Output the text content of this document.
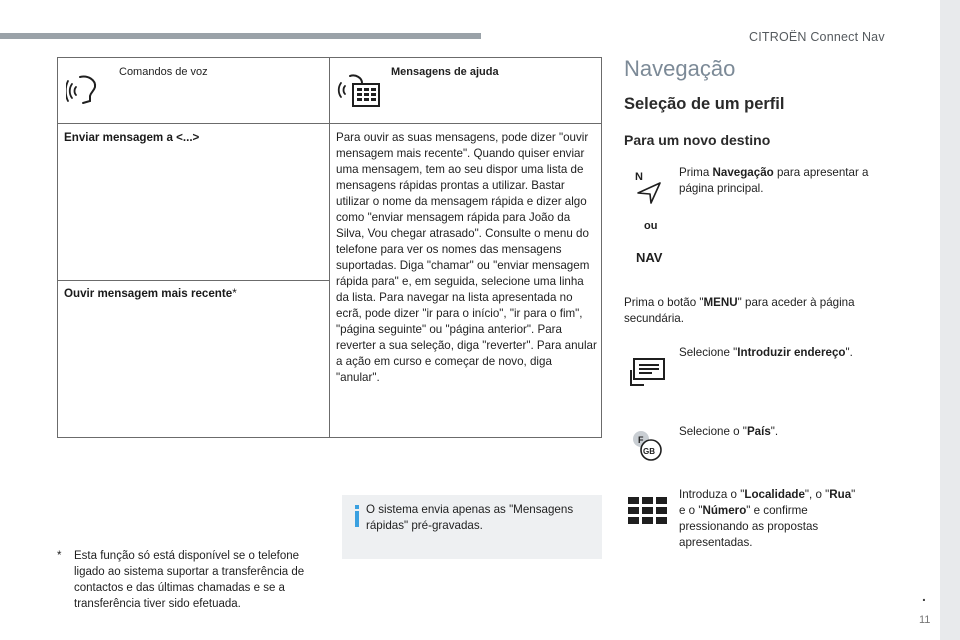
CITROËN Connect Nav
Comandos de voz	Mensagens de ajuda
Enviar mensagem a <...>
Ouvir mensagem mais recente*
Para ouvir as suas mensagens, pode dizer "ouvir mensagem mais recente". Quando quiser enviar uma mensagem, tem ao seu dispor uma lista de mensagens rápidas prontas a utilizar. Bastar utilizar o nome da mensagem rápida e dizer algo como "enviar mensagem rápida para João da Silva, Vou chegar atrasado". Consulte o menu do telefone para ver os nomes das mensagens suportadas. Diga "chamar" ou "enviar mensagem rápida para" e, em seguida, selecione uma linha da lista. Para navegar na lista apresentada no ecrã, pode dizer "ir para o início", "ir para o fim", "página seguinte" ou "página anterior". Para reverter a sua seleção, diga "reverter". Para anular a ação em curso e começar de novo, diga "anular".
* Esta função só está disponível se o telefone ligado ao sistema suportar a transferência de contactos e das últimas chamadas e se a transferência tiver sido efetuada.
O sistema envia apenas as "Mensagens rápidas" pré-gravadas.
Navegação
Seleção de um perfil
Para um novo destino
N
ou
NAV
Prima Navegação para apresentar a página principal.
Prima o botão "MENU" para aceder à página secundária.
Selecione "Introduzir endereço".
F
GB
Selecione o "País".
Introduza o "Localidade", o "Rua" e o "Número" e confirme pressionando as propostas apresentadas.
.
11
